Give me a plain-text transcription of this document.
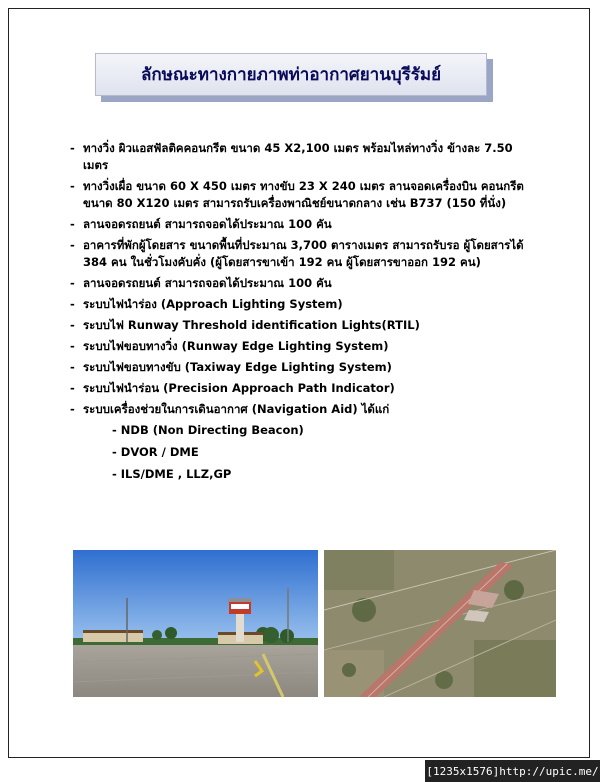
ลักษณะทางกายภาพท่าอากาศยานบุรีรัมย์
- ทางวิ่ง ผิวแอสฟัลติคคอนกรีต ขนาด 45 X2,100 เมตร พร้อมไหล่ทางวิ่ง ข้างละ 7.50 เมตร
- ทางวิ่งเผื่อ ขนาด 60 X 450 เมตร ทางขับ 23 X 240 เมตร ลานจอดเครื่องบิน คอนกรีต ขนาด 80 X120 เมตร สามารถรับเครื่องพาณิชย์ขนาดกลาง เช่น B737 (150 ที่นั่ง)
- ลานจอดรถยนต์ สามารถจอดได้ประมาณ 100 คัน
- อาคารที่พักผู้โดยสาร ขนาดพื้นที่ประมาณ 3,700 ตารางเมตร สามารถรับรอ ผู้โดยสารได้ 384 คน ในชั่วโมงคับคั่ง (ผู้โดยสารขาเข้า 192 คน ผู้โดยสารขาออก 192 คน)
- ลานจอดรถยนต์ สามารถจอดได้ประมาณ 100 คัน
- ระบบไฟนำร่อง (Approach Lighting System)
- ระบบไฟ Runway Threshold identification Lights(RTIL)
- ระบบไฟขอบทางวิ่ง (Runway Edge Lighting System)
- ระบบไฟขอบทางขับ (Taxiway Edge Lighting System)
- ระบบไฟนำร่อน (Precision Approach Path Indicator)
- ระบบเครื่องช่วยในการเดินอากาศ (Navigation Aid) ได้แก่
- NDB (Non Directing Beacon)
- DVOR / DME
- ILS/DME , LLZ,GP
[1235x1576]http://upic.me/
